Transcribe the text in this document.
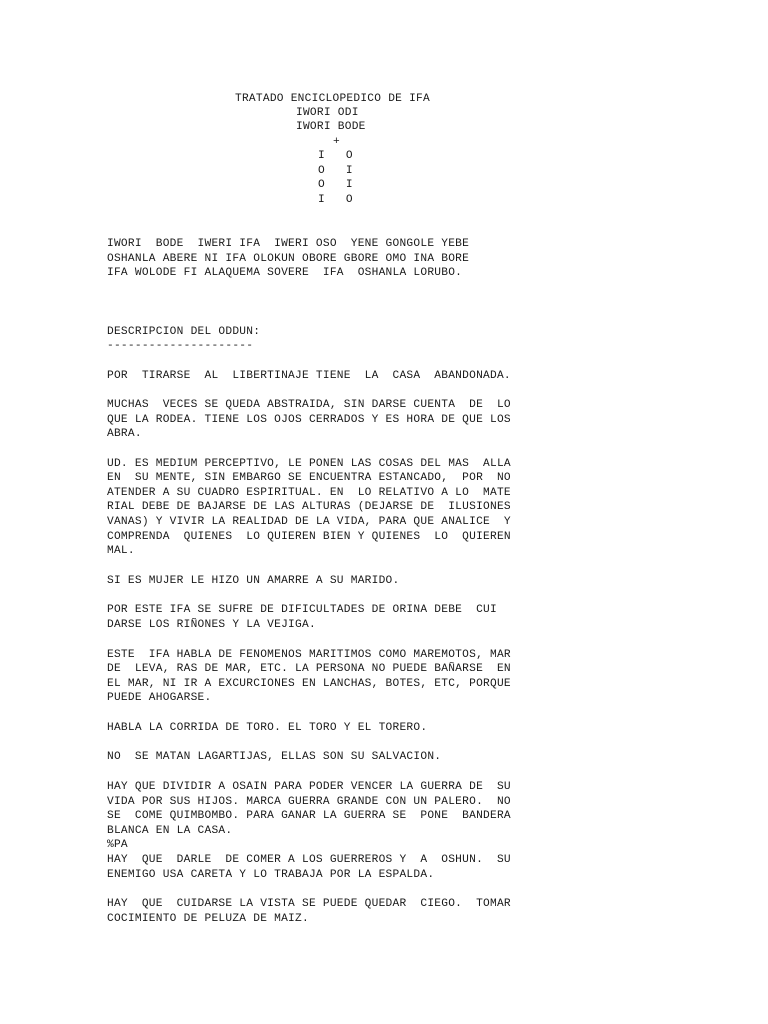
TRATADO ENCICLOPEDICO DE IFA

IWORI ODI

IWORI BODE

+

I   O

O   I

O   I

I   O

IWORI  BODE  IWERI IFA  IWERI OSO  YENE GONGOLE YEBE

OSHANLA ABERE NI IFA OLOKUN OBORE GBORE OMO INA BORE

IFA WOLODE FI ALAQUEMA SOVERE  IFA  OSHANLA LORUBO.

DESCRIPCION DEL ODDUN:

---------------------

POR  TIRARSE  AL  LIBERTINAJE TIENE  LA  CASA  ABANDONADA.

MUCHAS  VECES SE QUEDA ABSTRAIDA, SIN DARSE CUENTA  DE  LO

QUE LA RODEA. TIENE LOS OJOS CERRADOS Y ES HORA DE QUE LOS

ABRA.

UD. ES MEDIUM PERCEPTIVO, LE PONEN LAS COSAS DEL MAS  ALLA

EN  SU MENTE, SIN EMBARGO SE ENCUENTRA ESTANCADO,  POR  NO

ATENDER A SU CUADRO ESPIRITUAL. EN  LO RELATIVO A LO  MATE

RIAL DEBE DE BAJARSE DE LAS ALTURAS (DEJARSE DE  ILUSIONES

VANAS) Y VIVIR LA REALIDAD DE LA VIDA, PARA QUE ANALICE  Y

COMPRENDA  QUIENES  LO QUIEREN BIEN Y QUIENES  LO  QUIEREN

MAL.

SI ES MUJER LE HIZO UN AMARRE A SU MARIDO.

POR ESTE IFA SE SUFRE DE DIFICULTADES DE ORINA DEBE  CUI

DARSE LOS RIÑONES Y LA VEJIGA.

ESTE  IFA HABLA DE FENOMENOS MARITIMOS COMO MAREMOTOS, MAR

DE  LEVA, RAS DE MAR, ETC. LA PERSONA NO PUEDE BAÑARSE  EN

EL MAR, NI IR A EXCURCIONES EN LANCHAS, BOTES, ETC, PORQUE

PUEDE AHOGARSE.

HABLA LA CORRIDA DE TORO. EL TORO Y EL TORERO.

NO  SE MATAN LAGARTIJAS, ELLAS SON SU SALVACION.

HAY QUE DIVIDIR A OSAIN PARA PODER VENCER LA GUERRA DE  SU

VIDA POR SUS HIJOS. MARCA GUERRA GRANDE CON UN PALERO.  NO

SE  COME QUIMBOMBO. PARA GANAR LA GUERRA SE  PONE  BANDERA

BLANCA EN LA CASA.

%PA

HAY  QUE  DARLE  DE COMER A LOS GUERREROS Y  A  OSHUN.  SU

ENEMIGO USA CARETA Y LO TRABAJA POR LA ESPALDA.

HAY  QUE  CUIDARSE LA VISTA SE PUEDE QUEDAR  CIEGO.  TOMAR

COCIMIENTO DE PELUZA DE MAIZ.
